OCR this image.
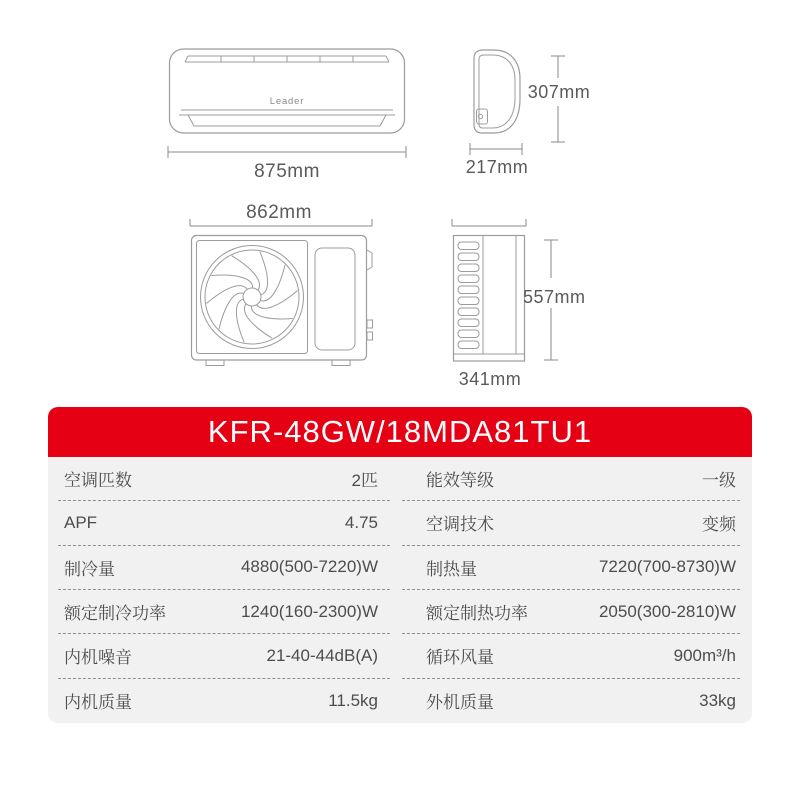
Leader
875mm	217mm
307mm
862mm
341mm
557mm
KFR-48GW/18MDA81TU1
空调匹数	2匹	能效等级	一级
APF	4.75	空调技术	变频
制冷量	4880(500-7220)W	制热量	7220(700-8730)W
额定制冷功率	1240(160-2300)W	额定制热功率	2050(300-2810)W
内机噪音	21-40-44dB(A)	循环风量	900m³/h
内机质量	11.5kg	外机质量	33kg
